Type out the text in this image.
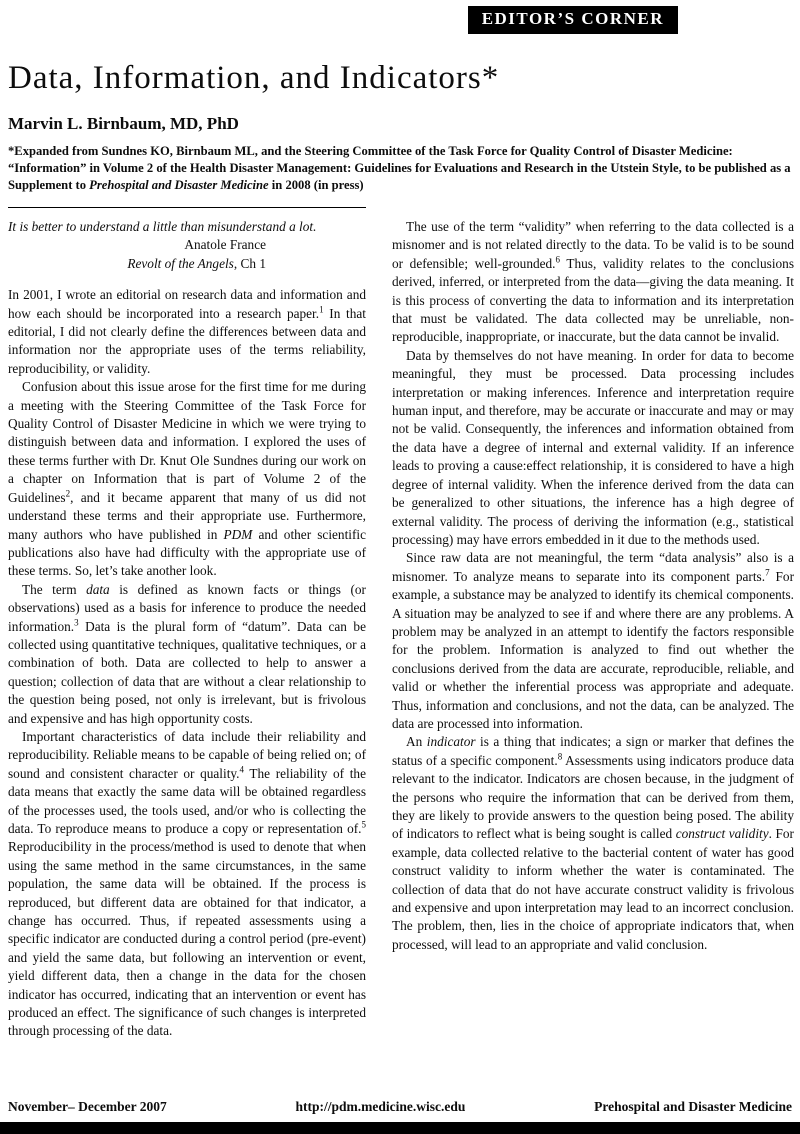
EDITOR’S CORNER
Data, Information, and Indicators*
Marvin L. Birnbaum, MD, PhD
*Expanded from Sundnes KO, Birnbaum ML, and the Steering Committee of the Task Force for Quality Control of Disaster Medicine: “Information” in Volume 2 of the Health Disaster Management: Guidelines for Evaluations and Research in the Utstein Style, to be published as a Supplement to Prehospital and Disaster Medicine in 2008 (in press)
It is better to understand a little than misunderstand a lot.
Anatole France
Revolt of the Angels, Ch 1

In 2001, I wrote an editorial on research data and information and how each should be incorporated into a research paper.$^1$ In that editorial, I did not clearly define the differences between data and information nor the appropriate uses of the terms reliability, reproducibility, or validity.

Confusion about this issue arose for the first time for me during a meeting with the Steering Committee of the Task Force for Quality Control of Disaster Medicine in which we were trying to distinguish between data and information. I explored the uses of these terms further with Dr. Knut Ole Sundnes during our work on a chapter on Information that is part of Volume 2 of the Guidelines$^2$, and it became apparent that many of us did not understand these terms and their appropriate use. Furthermore, many authors who have published in PDM and other scientific publications also have had difficulty with the appropriate use of these terms. So, let’s take another look.

The term data is defined as known facts or things (or observations) used as a basis for inference to produce the needed information.$^3$ Data is the plural form of “datum”. Data can be collected using quantitative techniques, qualitative techniques, or a combination of both. Data are collected to help to answer a question; collection of data that are without a clear relationship to the question being posed, not only is irrelevant, but is frivolous and expensive and has high opportunity costs.

Important characteristics of data include their reliability and reproducibility. Reliable means to be capable of being relied on; of sound and consistent character or quality.$^4$ The reliability of the data means that exactly the same data will be obtained regardless of the processes used, the tools used, and/or who is collecting the data. To reproduce means to produce a copy or representation of.$^5$ Reproducibility in the process/method is used to denote that when using the same method in the same circumstances, in the same population, the same data will be obtained. If the process is reproduced, but different data are obtained for that indicator, a change has occurred. Thus, if repeated assessments using a specific indicator are conducted during a control period (pre-event) and yield the same data, but following an intervention or event, yield different data, then a change in the data for the chosen indicator has occurred, indicating that an intervention or event has produced an effect. The significance of such changes is interpreted through processing of the data.

The use of the term “validity” when referring to the data collected is a misnomer and is not related directly to the data. To be valid is to be sound or defensible; well-grounded.$^6$ Thus, validity relates to the conclusions derived, inferred, or interpreted from the data—giving the data meaning. It is this process of converting the data to information and its interpretation that must be validated. The data collected may be unreliable, non-reproducible, inappropriate, or inaccurate, but the data cannot be invalid.

Data by themselves do not have meaning. In order for data to become meaningful, they must be processed. Data processing includes interpretation or making inferences. Inference and interpretation require human input, and therefore, may be accurate or inaccurate and may or may not be valid. Consequently, the inferences and information obtained from the data have a degree of internal and external validity. If an inference leads to proving a cause:effect relationship, it is considered to have a high degree of internal validity. When the inference derived from the data can be generalized to other situations, the inference has a high degree of external validity. The process of deriving the information (e.g., statistical processing) may have errors embedded in it due to the methods used.

Since raw data are not meaningful, the term “data analysis” also is a misnomer. To analyze means to separate into its component parts.$^7$ For example, a substance may be analyzed to identify its chemical components. A situation may be analyzed to see if and where there are any problems. A problem may be analyzed in an attempt to identify the factors responsible for the problem. Information is analyzed to find out whether the conclusions derived from the data are accurate, reproducible, reliable, and valid or whether the inferential process was appropriate and adequate. Thus, information and conclusions, and not the data, can be analyzed. The data are processed into information.

An indicator is a thing that indicates; a sign or marker that defines the status of a specific component.$^8$ Assessments using indicators produce data relevant to the indicator. Indicators are chosen because, in the judgment of the persons who require the information that can be derived from them, they are likely to provide answers to the question being posed. The ability of indicators to reflect what is being sought is called construct validity. For example, data collected relative to the bacterial content of water has good construct validity to inform whether the water is contaminated. The collection of data that do not have accurate construct validity is frivolous and expensive and upon interpretation may lead to an incorrect conclusion. The problem, then, lies in the choice of appropriate indicators that, when processed, will lead to an appropriate and valid conclusion.

November– December 2007	http://pdm.medicine.wisc.edu	Prehospital and Disaster Medicine
